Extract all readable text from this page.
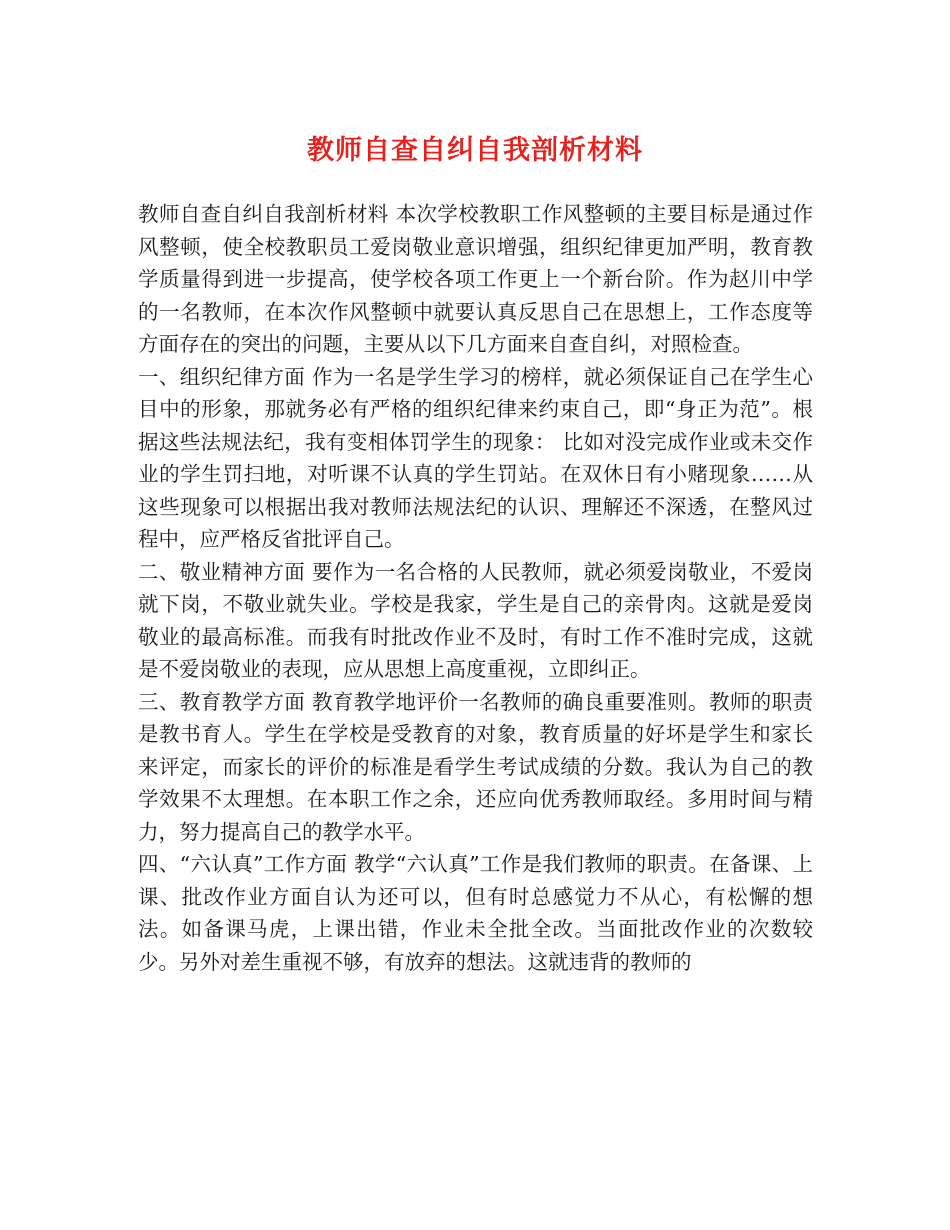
教师自查自纠自我剖析材料

教师自查自纠自我剖析材料 本次学校教职工作风整顿的主要目标是通过作风整顿，使全校教职员工爱岗敬业意识增强，组织纪律更加严明，教育教学质量得到进一步提高，使学校各项工作更上一个新台阶。作为赵川中学的一名教师，在本次作风整顿中就要认真反思自己在思想上，工作态度等方面存在的突出的问题，主要从以下几方面来自查自纠，对照检查。

一、组织纪律方面 作为一名是学生学习的榜样，就必须保证自己在学生心目中的形象，那就务必有严格的组织纪律来约束自己，即“身正为范”。根据这些法规法纪，我有变相体罚学生的现象： 比如对没完成作业或未交作业的学生罚扫地，对听课不认真的学生罚站。在双休日有小赌现象……从这些现象可以根据出我对教师法规法纪的认识、理解还不深透，在整风过程中，应严格反省批评自己。

二、敬业精神方面 要作为一名合格的人民教师，就必须爱岗敬业，不爱岗就下岗，不敬业就失业。学校是我家，学生是自己的亲骨肉。这就是爱岗敬业的最高标准。而我有时批改作业不及时，有时工作不准时完成，这就是不爱岗敬业的表现，应从思想上高度重视，立即纠正。

三、教育教学方面 教育教学地评价一名教师的确良重要准则。教师的职责是教书育人。学生在学校是受教育的对象，教育质量的好坏是学生和家长来评定，而家长的评价的标准是看学生考试成绩的分数。我认为自己的教学效果不太理想。在本职工作之余，还应向优秀教师取经。多用时间与精力，努力提高自己的教学水平。

四、“六认真”工作方面 教学“六认真”工作是我们教师的职责。在备课、上课、批改作业方面自认为还可以，但有时总感觉力不从心，有松懈的想法。如备课马虎，上课出错，作业未全批全改。当面批改作业的次数较少。另外对差生重视不够，有放弃的想法。这就违背的教师的
